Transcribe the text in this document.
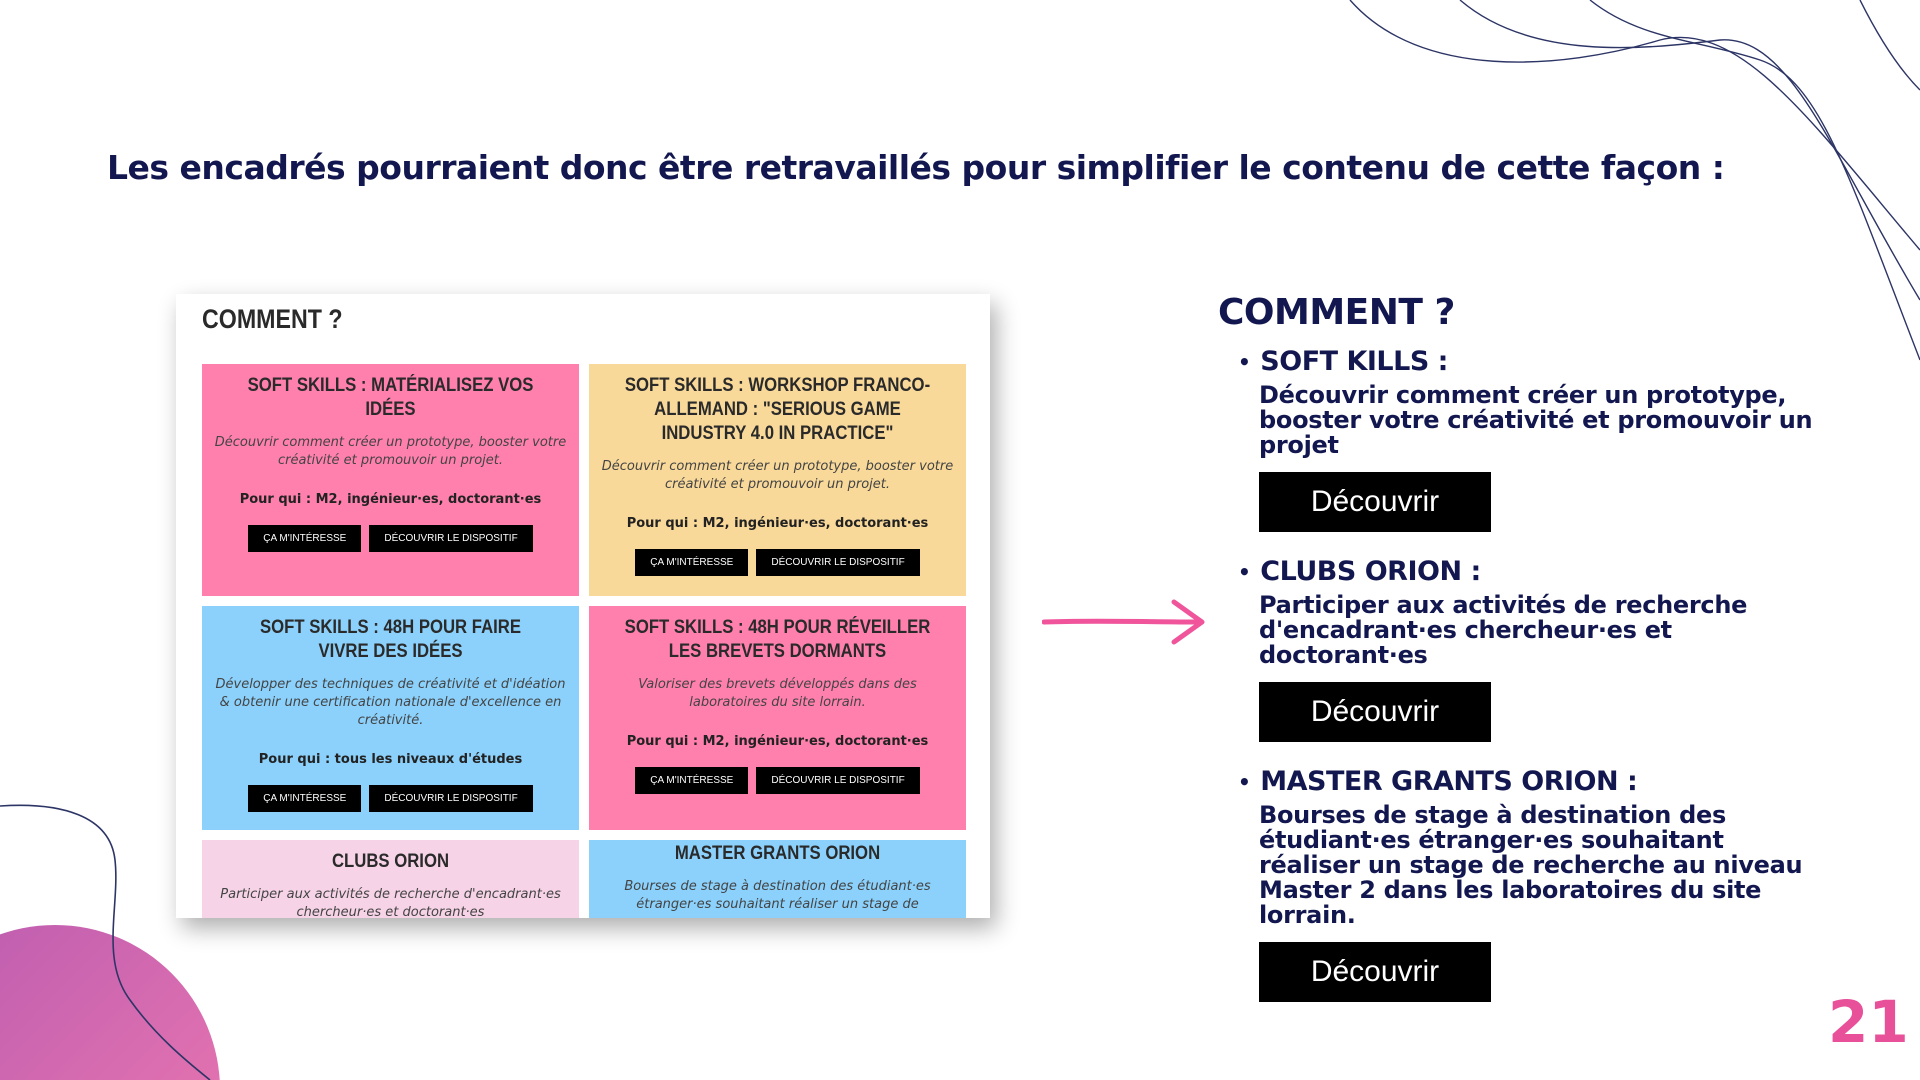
Les encadrés pourraient donc être retravaillés pour simplifier le contenu de cette façon :
COMMENT ?
SOFT SKILLS : MATÉRIALISEZ VOS IDÉES

Découvrir comment créer un prototype, booster votre créativité et promouvoir un projet.

Pour qui : M2, ingénieur·es, doctorant·es

ÇA M'INTÉRESSE	DÉCOUVRIR LE DISPOSITIF
SOFT SKILLS : WORKSHOP FRANCO-ALLEMAND : "SERIOUS GAME INDUSTRY 4.0 IN PRACTICE"

Découvrir comment créer un prototype, booster votre créativité et promouvoir un projet.

Pour qui : M2, ingénieur·es, doctorant·es

ÇA M'INTÉRESSE	DÉCOUVRIR LE DISPOSITIF
SOFT SKILLS : 48H POUR FAIRE VIVRE DES IDÉES

Développer des techniques de créativité et d'idéation & obtenir une certification nationale d'excellence en créativité.

Pour qui : tous les niveaux d'études

ÇA M'INTÉRESSE	DÉCOUVRIR LE DISPOSITIF
SOFT SKILLS : 48H POUR RÉVEILLER LES BREVETS DORMANTS

Valoriser des brevets développés dans des laboratoires du site lorrain.

Pour qui : M2, ingénieur·es, doctorant·es

ÇA M'INTÉRESSE	DÉCOUVRIR LE DISPOSITIF
CLUBS ORION

Participer aux activités de recherche d'encadrant·es chercheur·es et doctorant·es

MASTER GRANTS ORION

Bourses de stage à destination des étudiant·es étranger·es souhaitant réaliser un stage de

COMMENT ?
• SOFT KILLS :
Découvrir comment créer un prototype, booster votre créativité et promouvoir un projet
Découvrir
• CLUBS ORION :
Participer aux activités de recherche d'encadrant·es chercheur·es et doctorant·es
Découvrir
• MASTER GRANTS ORION :
Bourses de stage à destination des étudiant·es étranger·es souhaitant réaliser un stage de recherche au niveau Master 2 dans les laboratoires du site lorrain.
Découvrir
21
